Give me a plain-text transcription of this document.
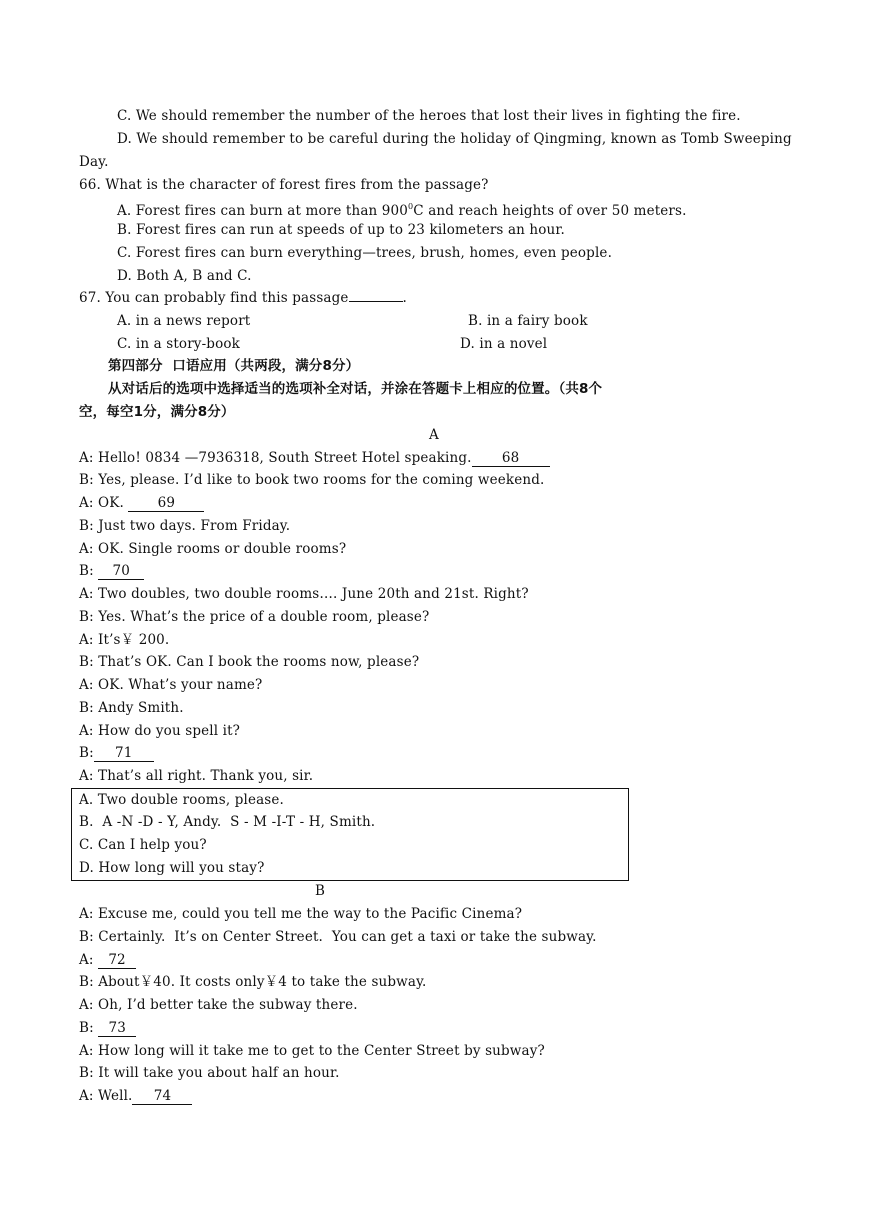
C. We should remember the number of the heroes that lost their lives in fighting the fire.
D. We should remember to be careful during the holiday of Qingming, known as Tomb Sweeping
Day.
66. What is the character of forest fires from the passage?
A. Forest fires can burn at more than $900^0C$ and reach heights of over 50 meters.
B. Forest fires can run at speeds of up to 23 kilometers an hour.
C. Forest fires can burn everything—trees, brush, homes, even people.
D. Both A, B and C.
67. You can probably find this passage	.
A. in a news report	B. in a fairy book
C. in a story-book	D. in a novel
第四部分  口语应用（共两段，满分8分）
从对话后的选项中选择适当的选项补全对话，并涂在答题卡上相应的位置。（共8个
空，每空1分，满分8分）
A
A: Hello! 0834 —7936318, South Street Hotel speaking. 68
B: Yes, please. I’d like to book two rooms for the coming weekend.
A: OK. 69
B: Just two days. From Friday.
A: OK. Single rooms or double rooms?
B: 70
A: Two doubles, two double rooms…. June 20th and 21st. Right?
B: Yes. What’s the price of a double room, please?
A: It’s￥ 200.
B: That’s OK. Can I book the rooms now, please?
A: OK. What’s your name?
B: Andy Smith.
A: How do you spell it?
B: 71
A: That’s all right. Thank you, sir.
A. Two double rooms, please.
B.  A -N -D - Y, Andy.  S - M -I-T - H, Smith.
C. Can I help you?
D. How long will you stay?
B
A: Excuse me, could you tell me the way to the Pacific Cinema?
B: Certainly.  It’s on Center Street.  You can get a taxi or take the subway.
A: 72
B: About￥40. It costs only￥4 to take the subway.
A: Oh, I’d better take the subway there.
B: 73
A: How long will it take me to get to the Center Street by subway?
B: It will take you about half an hour.
A: Well. 74
